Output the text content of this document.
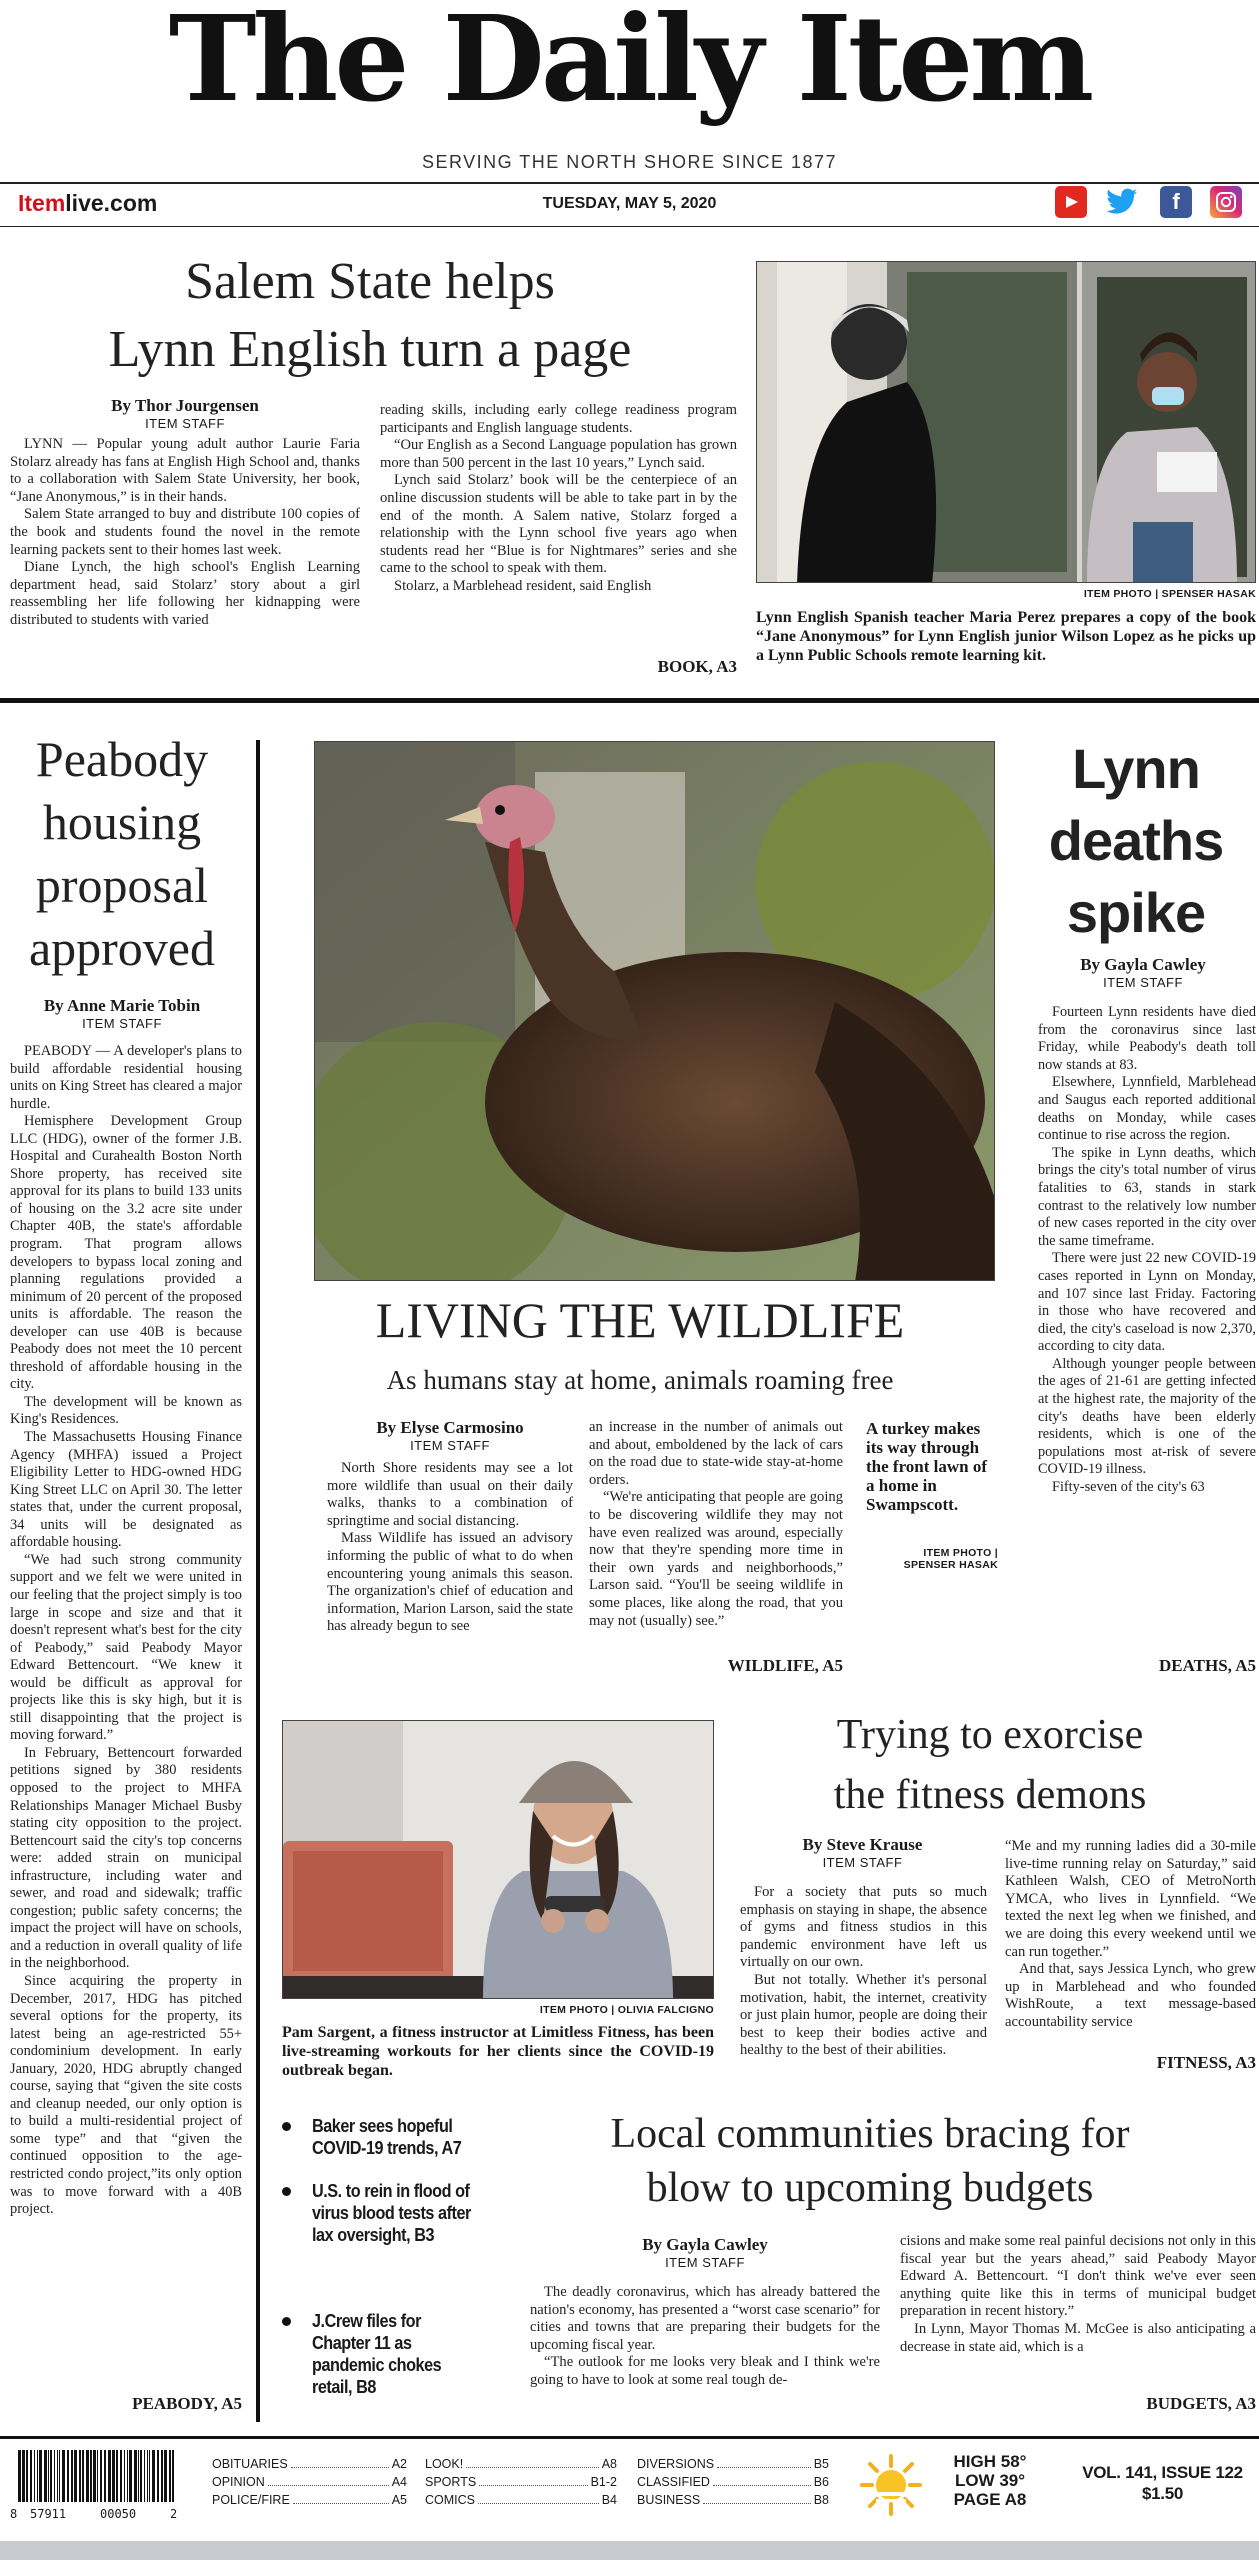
The Daily Item
SERVING THE NORTH SHORE SINCE 1877
Itemlive.com	TUESDAY, MAY 5, 2020	f
Salem State helps
Lynn English turn a page
By Thor Jourgensen
ITEM STAFF

LYNN — Popular young adult author Laurie Faria Stolarz already has fans at English High School and, thanks to a collaboration with Salem State University, her book, “Jane Anonymous,” is in their hands.

Salem State arranged to buy and distribute 100 copies of the book and students found the novel in the remote learning packets sent to their homes last week.

Diane Lynch, the high school's English Learning department head, said Stolarz’ story about a girl reassembling her life following her kidnapping were distributed to students with varied

reading skills, including early college readiness program participants and English language students.

“Our English as a Second Language population has grown more than 500 percent in the last 10 years,” Lynch said.

Lynch said Stolarz’ book will be the centerpiece of an online discussion students will be able to take part in by the end of the month. A Salem native, Stolarz forged a relationship with the Lynn school five years ago when students read her “Blue is for Nightmares” series and she came to the school to speak with them.

Stolarz, a Marblehead resident, said English

BOOK, A3
ITEM PHOTO | SPENSER HASAK
Lynn English Spanish teacher Maria Perez prepares a copy of the book “Jane Anonymous” for Lynn English junior Wilson Lopez as he picks up a Lynn Public Schools remote learning kit.
Peabody
housing
proposal
approved
By Anne Marie Tobin
ITEM STAFF

PEABODY — A developer's plans to build affordable residential housing units on King Street has cleared a major hurdle.

Hemisphere Development Group LLC (HDG), owner of the former J.B. Hospital and Curahealth Boston North Shore property, has received site approval for its plans to build 133 units of housing on the 3.2 acre site under Chapter 40B, the state's affordable program. That program allows developers to bypass local zoning and planning regulations provided a minimum of 20 percent of the proposed units is affordable. The reason the developer can use 40B is because Peabody does not meet the 10 percent threshold of affordable housing in the city.

The development will be known as King's Residences.

The Massachusetts Housing Finance Agency (MHFA) issued a Project Eligibility Letter to HDG-owned HDG King Street LLC on April 30. The letter states that, under the current proposal, 34 units will be designated as affordable housing.

“We had such strong community support and we felt we were united in our feeling that the project simply is too large in scope and size and that it doesn't represent what's best for the city of Peabody,” said Peabody Mayor Edward Bettencourt. “We knew it would be difficult as approval for projects like this is sky high, but it is still disappointing that the project is moving forward.”

In February, Bettencourt forwarded petitions signed by 380 residents opposed to the project to MHFA Relationships Manager Michael Busby stating city opposition to the project. Bettencourt said the city's top concerns were: added strain on municipal infrastructure, including water and sewer, and road and sidewalk; traffic congestion; public safety concerns; the impact the project will have on schools, and a reduction in overall quality of life in the neighborhood.

Since acquiring the property in December, 2017, HDG has pitched several options for the property, its latest being an age-restricted 55+ condominium development. In early January, 2020, HDG abruptly changed course, saying that “given the site costs and cleanup needed, our only option is to build a multi-residential project of some type” and that “given the continued opposition to the age-restricted condo project,”its only option was to move forward with a 40B project.

PEABODY, A5
LIVING THE WILDLIFE
As humans stay at home, animals roaming free
By Elyse Carmosino
ITEM STAFF

North Shore residents may see a lot more wildlife than usual on their daily walks, thanks to a combination of springtime and social distancing.

Mass Wildlife has issued an advisory informing the public of what to do when encountering young animals this season. The organization's chief of education and information, Marion Larson, said the state has already begun to see

an increase in the number of animals out and about, emboldened by the lack of cars on the road due to state-wide stay-at-home orders.

“We're anticipating that people are going to be discovering wildlife they may not have even realized was around, especially now that they're spending more time in their own yards and neighborhoods,” Larson said. “You'll be seeing wildlife in some places, like along the road, that you may not (usually) see.”

WILDLIFE, A5
A turkey makes its way through the front lawn of a home in Swampscott.
ITEM PHOTO |
SPENSER HASAK
Lynn
deaths
spike
By Gayla Cawley
ITEM STAFF

Fourteen Lynn residents have died from the coronavirus since last Friday, while Peabody's death toll now stands at 83.

Elsewhere, Lynnfield, Marblehead and Saugus each reported additional deaths on Monday, while cases continue to rise across the region.

The spike in Lynn deaths, which brings the city's total number of virus fatalities to 63, stands in stark contrast to the relatively low number of new cases reported in the city over the same timeframe.

There were just 22 new COVID-19 cases reported in Lynn on Monday, and 107 since last Friday. Factoring in those who have recovered and died, the city's caseload is now 2,370, according to city data.

Although younger people between the ages of 21-61 are getting infected at the highest rate, the majority of the city's deaths have been elderly residents, which is one of the populations most at-risk of severe COVID-19 illness.

Fifty-seven of the city's 63

DEATHS, A5
ITEM PHOTO | OLIVIA FALCIGNO
Pam Sargent, a fitness instructor at Limitless Fitness, has been live-streaming workouts for her clients since the COVID-19 outbreak began.
Trying to exorcise
the fitness demons
By Steve Krause
ITEM STAFF

For a society that puts so much emphasis on staying in shape, the absence of gyms and fitness studios in this pandemic environment have left us virtually on our own.

But not totally. Whether it's personal motivation, habit, the internet, creativity or just plain humor, people are doing their best to keep their bodies active and healthy to the best of their abilities.

“Me and my running ladies did a 30-mile live-time running relay on Saturday,” said Kathleen Walsh, CEO of MetroNorth YMCA, who lives in Lynnfield. “We texted the next leg when we finished, and we are doing this every weekend until we can run together.”

And that, says Jessica Lynch, who grew up in Marblehead and who founded WishRoute, a text message-based accountability service

FITNESS, A3
Baker sees hopeful COVID-19 trends, A7
U.S. to rein in flood of virus blood tests after lax oversight, B3
J.Crew files for Chapter 11 as pandemic chokes retail, B8
Local communities bracing for
blow to upcoming budgets
By Gayla Cawley
ITEM STAFF

The deadly coronavirus, which has already battered the nation's economy, has presented a “worst case scenario” for cities and towns that are preparing their budgets for the upcoming fiscal year.

“The outlook for me looks very bleak and I think we're going to have to look at some real tough de-

cisions and make some real painful decisions not only in this fiscal year but the years ahead,” said Peabody Mayor Edward A. Bettencourt. “I don't think we've ever seen anything quite like this in terms of municipal budget preparation in recent history.”

In Lynn, Mayor Thomas M. McGee is also anticipating a decrease in state aid, which is a

BUDGETS, A3
8 57911	00050	2
OBITUARIES	A2
OPINION	A4
POLICE/FIRE	A5
LOOK!	A8
SPORTS	B1-2
COMICS	B4
DIVERSIONS	B5
CLASSIFIED	B6
BUSINESS	B8
HIGH 58°
LOW 39°
PAGE A8
VOL. 141, ISSUE 122
$1.50
